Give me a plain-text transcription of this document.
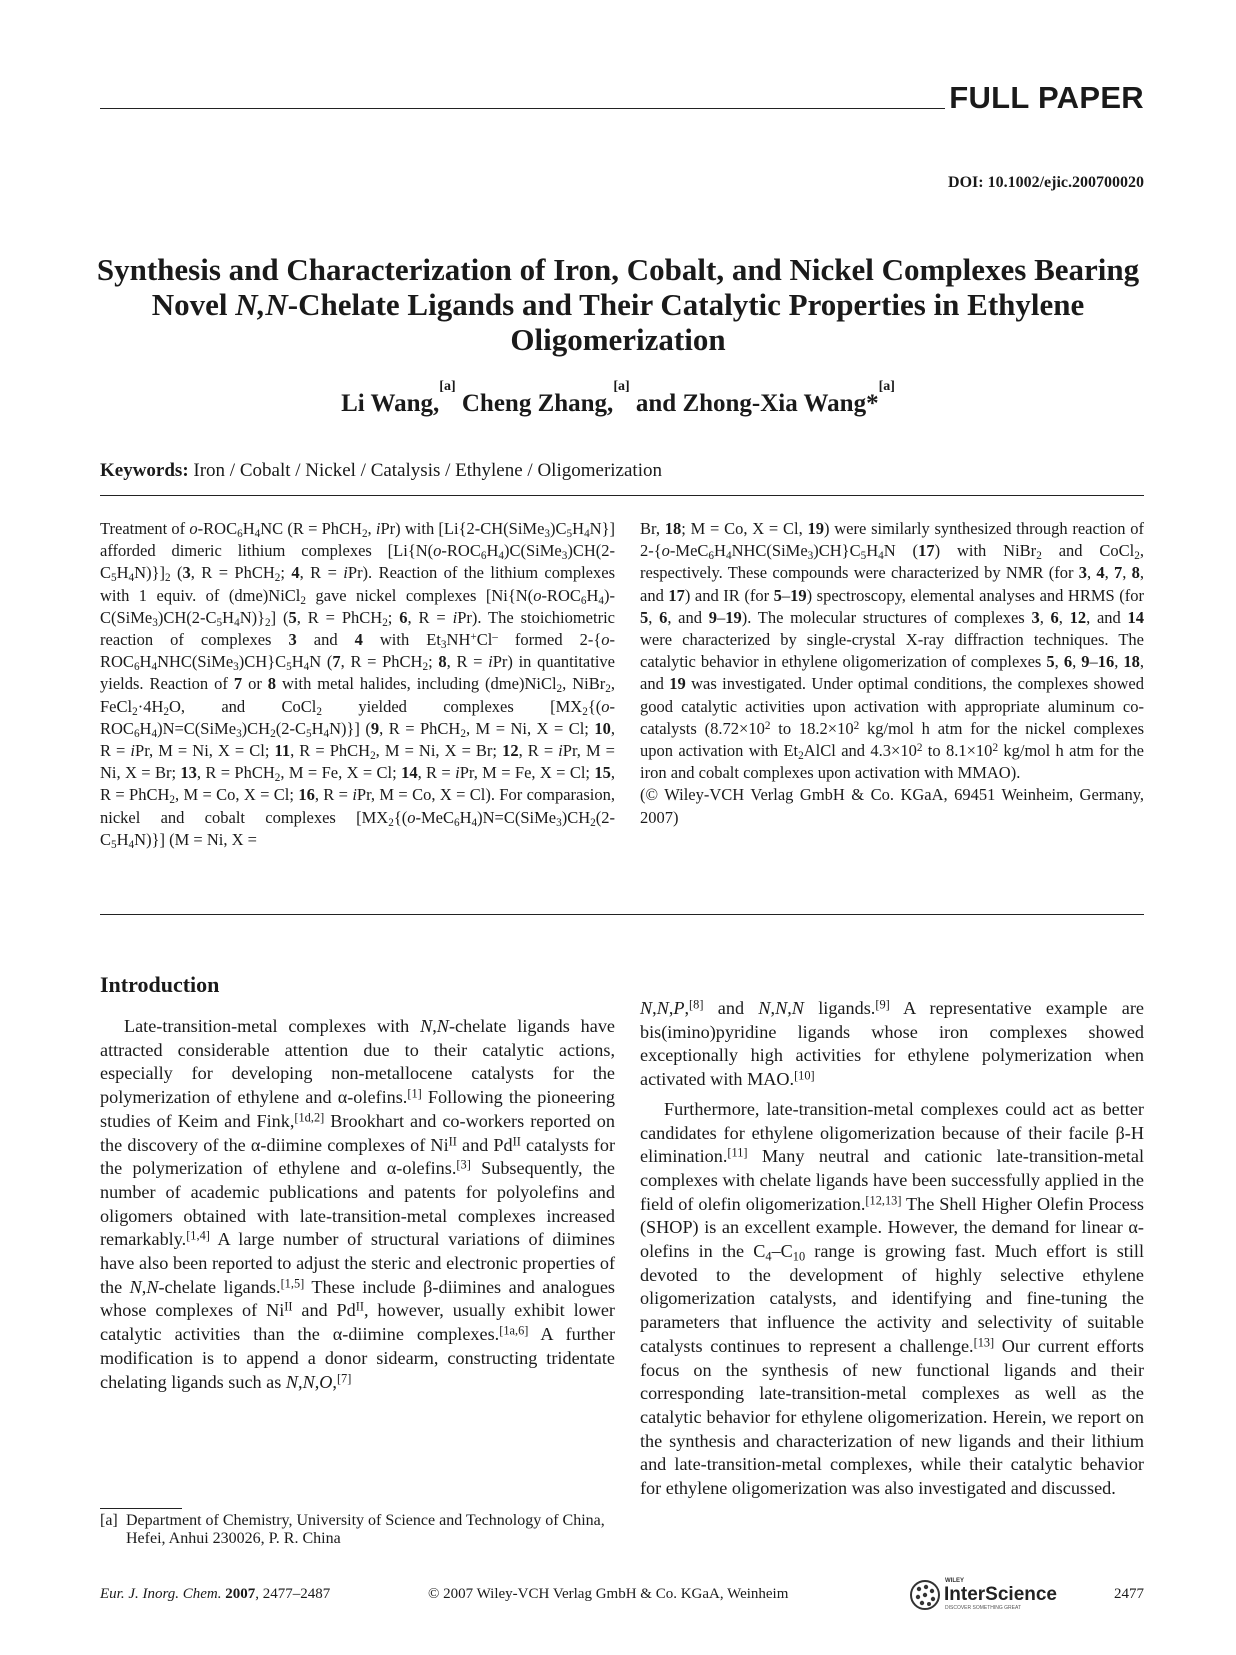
FULL PAPER
DOI: 10.1002/ejic.200700020
Synthesis and Characterization of Iron, Cobalt, and Nickel Complexes Bearing Novel N,N-Chelate Ligands and Their Catalytic Properties in Ethylene Oligomerization
Li Wang,[a] Cheng Zhang,[a] and Zhong-Xia Wang*[a]
Keywords: Iron / Cobalt / Nickel / Catalysis / Ethylene / Oligomerization
Treatment of $o-ROC_6H_4NC$ (R = PhCH$_2$, iPr) with $[Li\{2-CH(SiMe_3)C_5H_4N\}]$ afforded dimeric lithium complexes $[Li\{N(o-ROC_6H_4)C(SiMe_3)CH(2-C_5H_4N)\}]_2$ (3, R = PhCH$_2$; 4, R = iPr). Reaction of the lithium complexes with 1 equiv. of (dme)NiCl$_2$ gave nickel complexes $[Ni\{N(o-ROC_6H_4)-C(SiMe_3)CH(2-C_5H_4N)\}_2]$ (5, R = PhCH$_2$; 6, R = iPr). The stoichiometric reaction of complexes 3 and 4 with $Et_3NH^+Cl^-$ formed $2-\{o-ROC_6H_4NHC(SiMe_3)CH\}C_5H_4N$ (7, R = PhCH$_2$; 8, R = iPr) in quantitative yields. Reaction of 7 or 8 with metal halides, including (dme)NiCl$_2$, NiBr$_2$, $FeCl_2\cdot 4H_2O$, and CoCl$_2$ yielded complexes $[MX_2\{(o-ROC_6H_4)N=C(SiMe_3)CH_2(2-C_5H_4N)\}]$ (9, R = PhCH$_2$, M = Ni, X = Cl; 10, R = iPr, M = Ni, X = Cl; 11, R = PhCH$_2$, M = Ni, X = Br; 12, R = iPr, M = Ni, X = Br; 13, R = PhCH$_2$, M = Fe, X = Cl; 14, R = iPr, M = Fe, X = Cl; 15, R = PhCH$_2$, M = Co, X = Cl; 16, R = iPr, M = Co, X = Cl). For comparasion, nickel and cobalt complexes $[MX_2\{(o-MeC_6H_4)N=C(SiMe_3)CH_2(2-C_5H_4N)\}] (M = Ni$, X =
Br, 18; M = Co, X = Cl, 19) were similarly synthesized through reaction of $2-\{o-MeC_6H_4NHC(SiMe_3)CH\}C_5H_4N$ (17) with NiBr$_2$ and CoCl$_2$, respectively. These compounds were characterized by NMR (for 3, 4, 7, 8, and 17) and IR (for 5–19) spectroscopy, elemental analyses and HRMS (for 5, 6, and 9–19). The molecular structures of complexes 3, 6, 12, and 14 were characterized by single-crystal X-ray diffraction techniques. The catalytic behavior in ethylene oligomerization of complexes 5, 6, 9–16, 18, and 19 was investigated. Under optimal conditions, the complexes showed good catalytic activities upon activation with appropriate aluminum co-catalysts ($8.72\times 10^2$ to $18.2\times 10^2$ kg/mol h atm for the nickel complexes upon activation with $Et_2AlCl$ and $4.3\times 10^2$ to $8.1\times 10^2$ kg/mol h atm for the iron and cobalt complexes upon activation with MMAO).
(© Wiley-VCH Verlag GmbH & Co. KGaA, 69451 Weinheim, Germany, 2007)
Introduction

Late-transition-metal complexes with N,N-chelate ligands have attracted considerable attention due to their catalytic actions, especially for developing non-metallocene catalysts for the polymerization of ethylene and α-olefins.[1] Following the pioneering studies of Keim and Fink,[1d,2] Brookhart and co-workers reported on the discovery of the α-diimine complexes of $Ni^{II}$ and $Pd^{II}$ catalysts for the polymerization of ethylene and α-olefins.[3] Subsequently, the number of academic publications and patents for polyolefins and oligomers obtained with late-transition-metal complexes increased remarkably.[1,4] A large number of structural variations of diimines have also been reported to adjust the steric and electronic properties of the N,N-chelate ligands.[1,5] These include β-diimines and analogues whose complexes of $Ni^{II}$ and $Pd^{II}$, however, usually exhibit lower catalytic activities than the α-diimine complexes.[1a,6] A further modification is to append a donor sidearm, constructing tridentate chelating ligands such as N,N,O,[7]

N,N,P,[8] and N,N,N ligands.[9] A representative example are bis(imino)pyridine ligands whose iron complexes showed exceptionally high activities for ethylene polymerization when activated with MAO.[10]

Furthermore, late-transition-metal complexes could act as better candidates for ethylene oligomerization because of their facile β-H elimination.[11] Many neutral and cationic late-transition-metal complexes with chelate ligands have been successfully applied in the field of olefin oligomerization.[12,13] The Shell Higher Olefin Process (SHOP) is an excellent example. However, the demand for linear α-olefins in the $C_4-C_{10}$ range is growing fast. Much effort is still devoted to the development of highly selective ethylene oligomerization catalysts, and identifying and fine-tuning the parameters that influence the activity and selectivity of suitable catalysts continues to represent a challenge.[13] Our current efforts focus on the synthesis of new functional ligands and their corresponding late-transition-metal complexes as well as the catalytic behavior for ethylene oligomerization. Herein, we report on the synthesis and characterization of new ligands and their lithium and late-transition-metal complexes, while their catalytic behavior for ethylene oligomerization was also investigated and discussed.

[a] Department of Chemistry, University of Science and Technology of China,
Hefei, Anhui 230026, P. R. China
Eur. J. Inorg. Chem. 2007, 2477–2487	© 2007 Wiley-VCH Verlag GmbH & Co. KGaA, Weinheim
WILEY
InterScience
DISCOVER SOMETHING GREAT
2477
